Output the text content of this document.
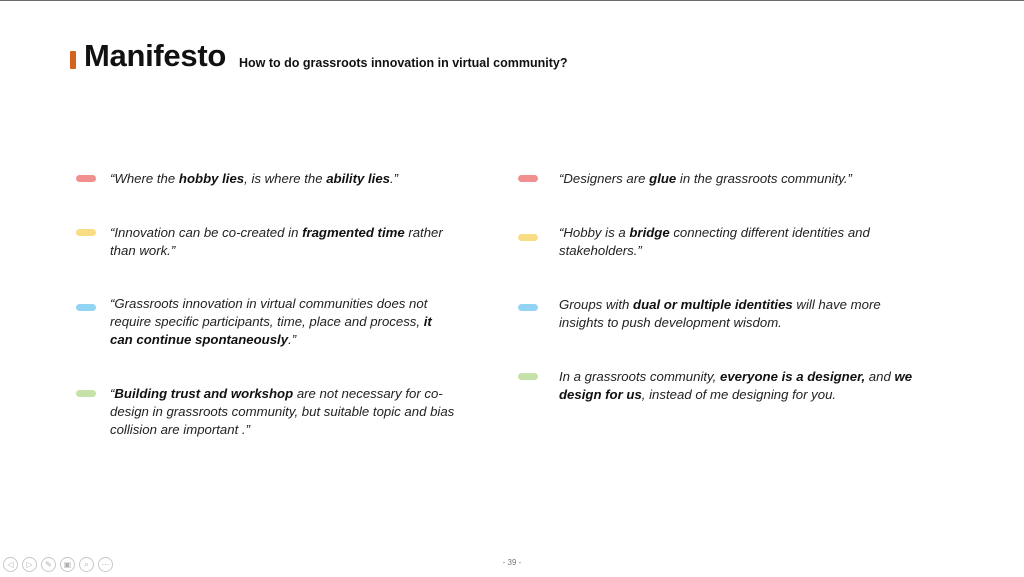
Manifesto How to do grassroots innovation in virtual community?
“Where the hobby lies, is where the ability lies.”
“Innovation can be co-created in fragmented time rather than work.”
“Grassroots innovation in virtual communities does not require specific participants, time, place and process, it can continue spontaneously.”
“Building trust and workshop are not necessary for co-design in grassroots community, but suitable topic and bias collision are important .”
“Designers are glue in the grassroots community.”
“Hobby is a bridge connecting different identities and stakeholders.”
Groups with dual or multiple identities will have more insights to push development wisdom.
In a grassroots community, everyone is a designer, and we design for us, instead of me designing for you.
◁	▷	✎	▣	⌕	⋯	- 39 -
